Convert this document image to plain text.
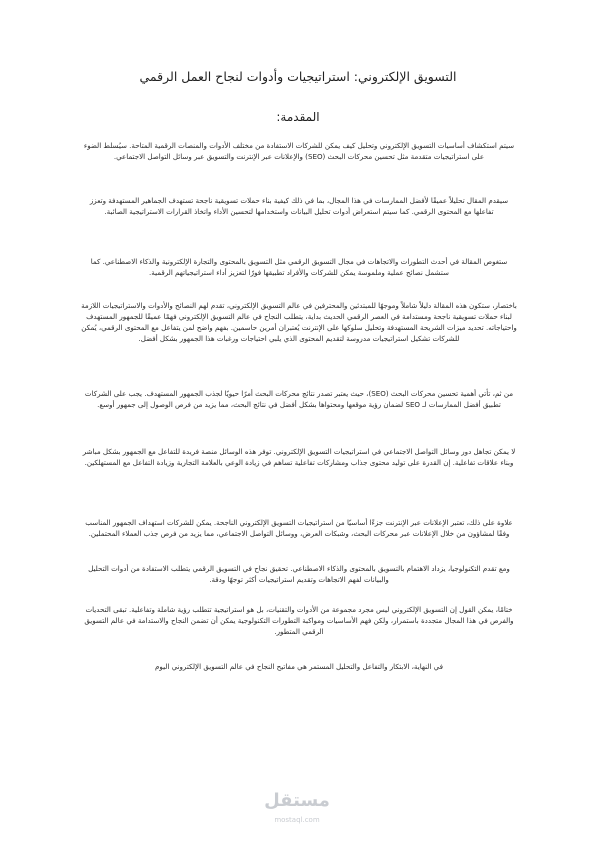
التسويق الإلكتروني: استراتيجيات وأدوات لنجاح العمل الرقمي
المقدمة:

سيتم استكشاف أساسيات التسويق الإلكتروني وتحليل كيف يمكن للشركات الاستفادة من مختلف الأدوات والمنصات الرقمية المتاحة. سيُسلط الضوء على استراتيجيات متقدمة مثل تحسين محركات البحث (SEO) والإعلانات عبر الإنترنت والتسويق عبر وسائل التواصل الاجتماعي.

سيقدم المقال تحليلاً عميقًا لأفضل الممارسات في هذا المجال، بما في ذلك كيفية بناء حملات تسويقية ناجحة تستهدف الجماهير المستهدفة وتعزز تفاعلها مع المحتوى الرقمي. كما سيتم استعراض أدوات تحليل البيانات واستخدامها لتحسين الأداء واتخاذ القرارات الاستراتيجية الصائبة.

ستغوص المقالة في أحدث التطورات والاتجاهات في مجال التسويق الرقمي مثل التسويق بالمحتوى والتجارة الإلكترونية والذكاء الاصطناعي. كما ستشمل نصائح عملية وملموسة يمكن للشركات والأفراد تطبيقها فورًا لتعزيز أداء استراتيجياتهم الرقمية.

باختصار، ستكون هذه المقالة دليلاً شاملاً وموجهًا للمبتدئين والمحترفين في عالم التسويق الإلكتروني، تقدم لهم النصائح والأدوات والاستراتيجيات اللازمة لبناء حملات تسويقية ناجحة ومستدامة في العصر الرقمي الحديث بداية، يتطلب النجاح في عالم التسويق الإلكتروني فهمًا عميقًا للجمهور المستهدف واحتياجاته. تحديد ميزات الشريحة المستهدفة وتحليل سلوكها على الإنترنت يُعتبران أمرين حاسمين. بفهم واضح لمن يتفاعل مع المحتوى الرقمي، يُمكن للشركات تشكيل استراتيجيات مدروسة لتقديم المحتوى الذي يلبي احتياجات ورغبات هذا الجمهور بشكل أفضل.

من ثم، تأتي أهمية تحسين محركات البحث (SEO)، حيث يعتبر تصدر نتائج محركات البحث أمرًا حيويًا لجذب الجمهور المستهدف. يجب على الشركات تطبيق أفضل الممارسات لـ SEO لضمان رؤية موقعها ومحتواها بشكل أفضل في نتائج البحث، مما يزيد من فرص الوصول إلى جمهور أوسع.

لا يمكن تجاهل دور وسائل التواصل الاجتماعي في استراتيجيات التسويق الإلكتروني. توفر هذه الوسائل منصة فريدة للتفاعل مع الجمهور بشكل مباشر وبناء علاقات تفاعلية. إن القدرة على توليد محتوى جذاب ومشاركات تفاعلية تساهم في زيادة الوعي بالعلامة التجارية وزيادة التفاعل مع المستهلكين.

علاوة على ذلك، تعتبر الإعلانات عبر الإنترنت جزءًا أساسيًا من استراتيجيات التسويق الإلكتروني الناجحة. يمكن للشركات استهداف الجمهور المناسب وفقًا لمشاؤون من خلال الإعلانات عبر محركات البحث، وشبكات العرض، ووسائل التواصل الاجتماعي، مما يزيد من فرص جذب العملاء المحتملين.

ومع تقدم التكنولوجيا، يزداد الاهتمام بالتسويق بالمحتوى والذكاء الاصطناعي. تحقيق نجاح في التسويق الرقمي يتطلب الاستفادة من أدوات التحليل والبيانات لفهم الاتجاهات وتقديم استراتيجيات أكثر توجهًا ودقة.

ختامًا، يمكن القول إن التسويق الإلكتروني ليس مجرد مجموعة من الأدوات والتقنيات، بل هو استراتيجية تتطلب رؤية شاملة وتفاعلية. تبقى التحديات والفرص في هذا المجال متجددة باستمرار، ولكن فهم الأساسيات ومواكبة التطورات التكنولوجية يمكن أن تضمن النجاح والاستدامة في عالم التسويق الرقمي المتطور.

في النهاية، الابتكار والتفاعل والتحليل المستمر هي مفاتيح النجاح في عالم التسويق الإلكتروني اليوم

مستقل
mostaql.com
